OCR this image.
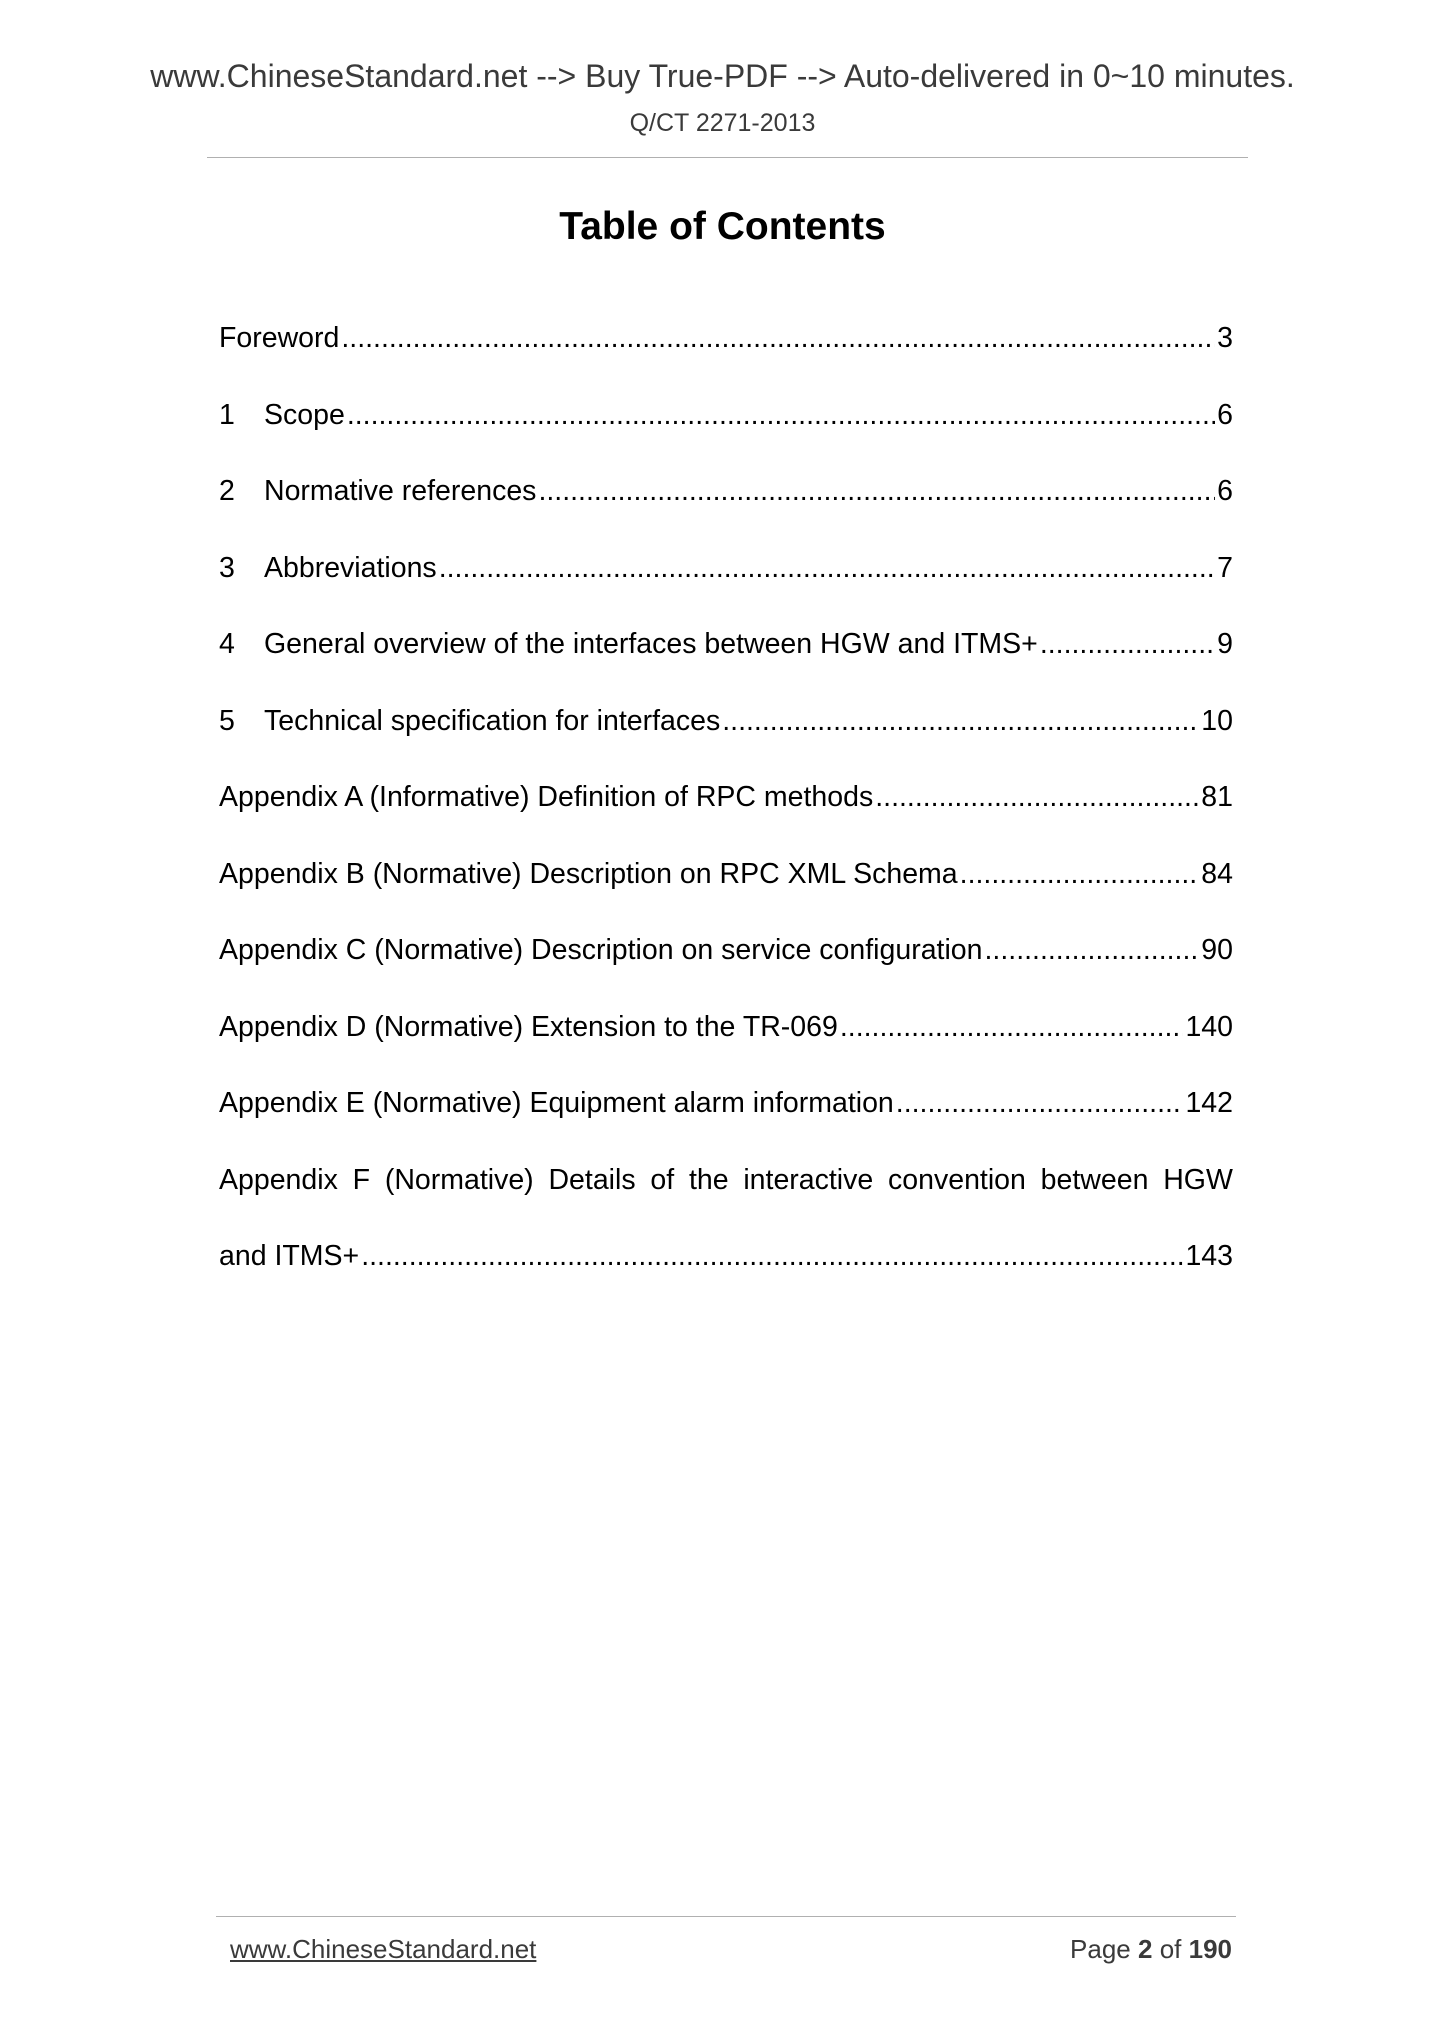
www.ChineseStandard.net --> Buy True-PDF --> Auto-delivered in 0~10 minutes.
Q/CT 2271-2013
Table of Contents
Foreword .....	3
1	Scope .....	6
2	Normative references .....	6
3	Abbreviations .....	7
4	General overview of the interfaces between HGW and ITMS+ .....	9
5	Technical specification for interfaces .....	10
Appendix A (Informative) Definition of RPC methods .....	81
Appendix B (Normative) Description on RPC XML Schema .....	84
Appendix C (Normative) Description on service configuration .....	90
Appendix D (Normative) Extension to the TR-069 .....	140
Appendix E (Normative) Equipment alarm information .....	142
Appendix F (Normative) Details of the interactive convention between HGW
and ITMS+ .....	143
www.ChineseStandard.net	Page 2 of 190
